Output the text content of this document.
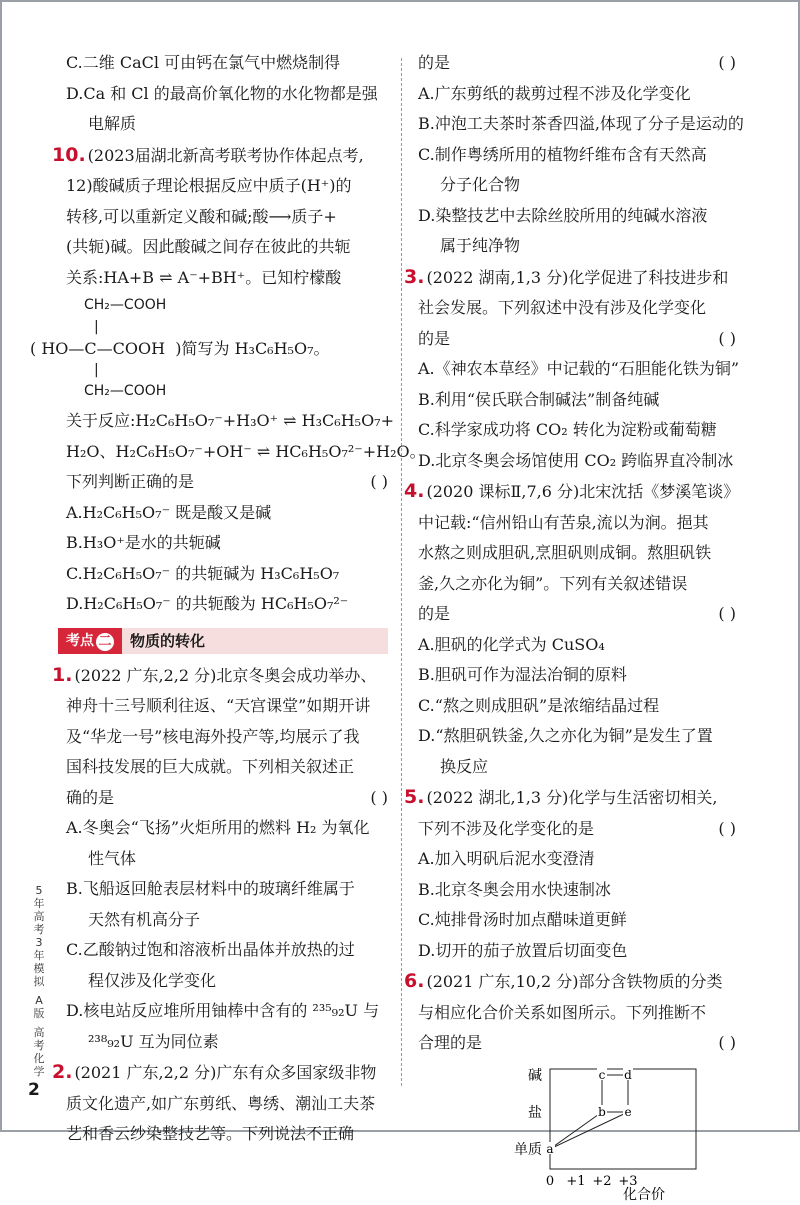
C.二维 CaCl 可由钙在氯气中燃烧制得
D.Ca 和 Cl 的最高价氧化物的水化物都是强
电解质
10. (2023届湖北新高考联考协作体起点考,
12)酸碱质子理论根据反应中质子(H⁺)的
转移,可以重新定义酸和碱;酸⟶质子+
(共轭)碱。因此酸碱之间存在彼此的共轭
关系:HA+B ⇌ A⁻+BH⁺。已知柠檬酸
CH₂—COOH
|
( HO—C—COOH  )简写为 H₃C₆H₅O₇。
|
CH₂—COOH
关于反应:H₂C₆H₅O₇⁻+H₃O⁺ ⇌ H₃C₆H₅O₇+
H₂O、H₂C₆H₅O₇⁻+OH⁻ ⇌ HC₆H₅O₇²⁻+H₂O。
下列判断正确的是	( )
A.H₂C₆H₅O₇⁻ 既是酸又是碱
B.H₃O⁺是水的共轭碱
C.H₂C₆H₅O₇⁻ 的共轭碱为 H₃C₆H₅O₇
D.H₂C₆H₅O₇⁻ 的共轭酸为 HC₆H₅O₇²⁻
考点 二	物质的转化
1. (2022 广东,2,2 分)北京冬奥会成功举办、
神舟十三号顺利往返、“天宫课堂”如期开讲
及“华龙一号”核电海外投产等,均展示了我
国科技发展的巨大成就。下列相关叙述正
确的是	( )
A.冬奥会“飞扬”火炬所用的燃料 H₂ 为氧化
性气体
B.飞船返回舱表层材料中的玻璃纤维属于
天然有机高分子
C.乙酸钠过饱和溶液析出晶体并放热的过
程仅涉及化学变化
D.核电站反应堆所用铀棒中含有的 ²³⁵₉₂U 与
²³⁸₉₂U 互为同位素
2. (2021 广东,2,2 分)广东有众多国家级非物
质文化遗产,如广东剪纸、粤绣、潮汕工夫茶
艺和香云纱染整技艺等。下列说法不正确
的是	( )
A.广东剪纸的裁剪过程不涉及化学变化
B.冲泡工夫茶时茶香四溢,体现了分子是运动的
C.制作粤绣所用的植物纤维布含有天然高
分子化合物
D.染整技艺中去除丝胶所用的纯碱水溶液
属于纯净物
3. (2022 湖南,1,3 分)化学促进了科技进步和
社会发展。下列叙述中没有涉及化学变化
的是	( )
A.《神农本草经》中记载的“石胆能化铁为铜”
B.利用“侯氏联合制碱法”制备纯碱
C.科学家成功将 CO₂ 转化为淀粉或葡萄糖
D.北京冬奥会场馆使用 CO₂ 跨临界直冷制冰
4. (2020 课标Ⅱ,7,6 分)北宋沈括《梦溪笔谈》
中记载:“信州铅山有苦泉,流以为涧。挹其
水熬之则成胆矾,烹胆矾则成铜。熬胆矾铁
釜,久之亦化为铜”。下列有关叙述错误
的是	( )
A.胆矾的化学式为 CuSO₄
B.胆矾可作为湿法冶铜的原料
C.“熬之则成胆矾”是浓缩结晶过程
D.“熬胆矾铁釜,久之亦化为铜”是发生了置
换反应
5. (2022 湖北,1,3 分)化学与生活密切相关,
下列不涉及化学变化的是	( )
A.加入明矾后泥水变澄清
B.北京冬奥会用水快速制冰
C.炖排骨汤时加点醋味道更鲜
D.切开的茄子放置后切面变色
6. (2021 广东,10,2 分)部分含铁物质的分类
与相应化合价关系如图所示。下列推断不
合理的是	( )
a
b
c d
e
单质
盐
碱
0 +1 +2 +3
化合价
5
年
高
考
3
年
模
拟
A
版
高
考
化
学
2
